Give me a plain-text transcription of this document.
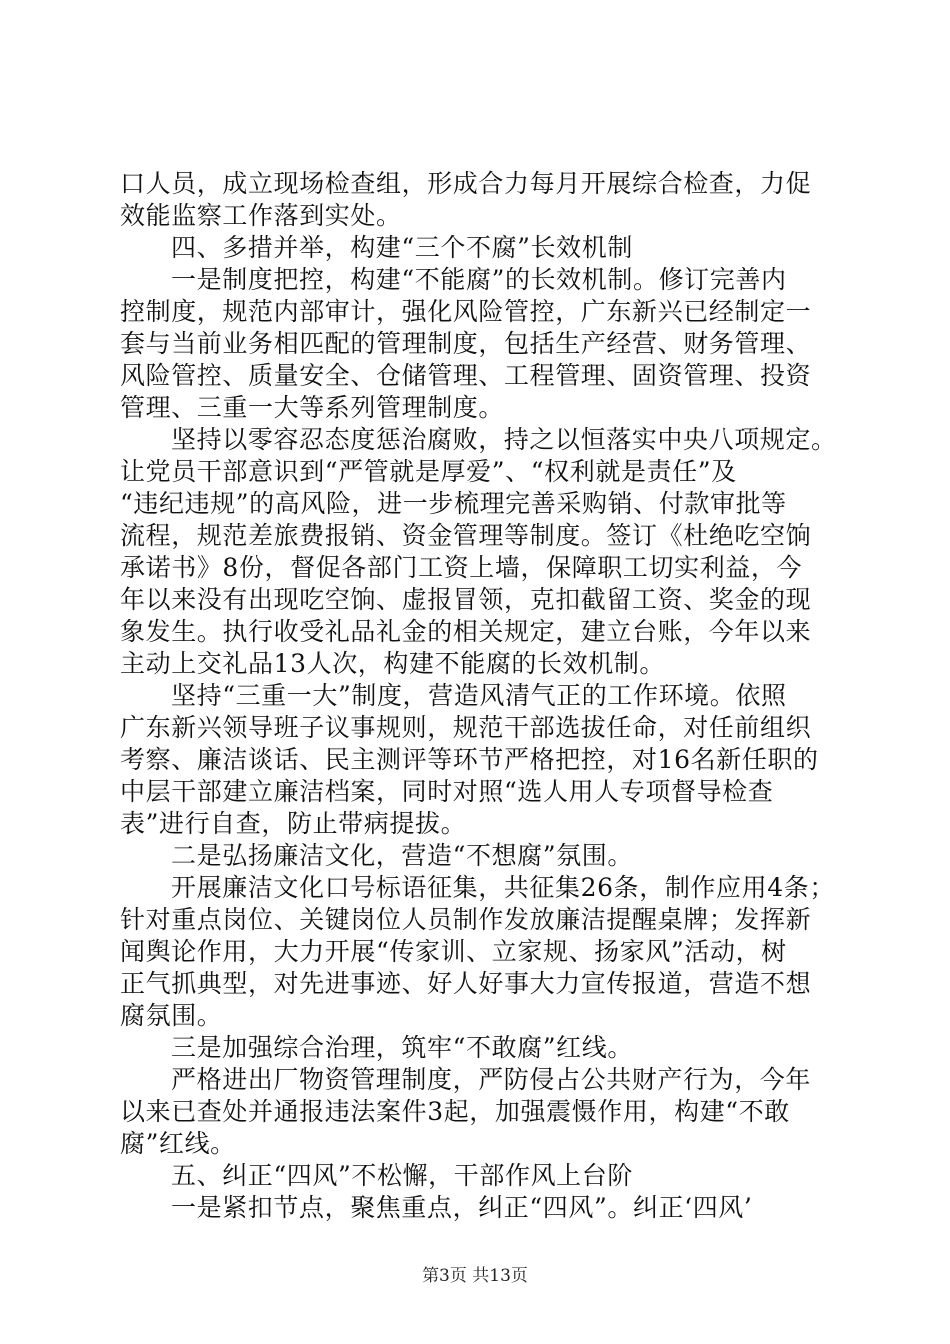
口人员，成立现场检查组，形成合力每月开展综合检查，力促
效能监察工作落到实处。
四、多措并举，构建“三个不腐”长效机制
一是制度把控，构建“不能腐”的长效机制。修订完善内
控制度，规范内部审计，强化风险管控，广东新兴已经制定一
套与当前业务相匹配的管理制度，包括生产经营、财务管理、
风险管控、质量安全、仓储管理、工程管理、固资管理、投资
管理、三重一大等系列管理制度。
坚持以零容忍态度惩治腐败，持之以恒落实中央八项规定。
让党员干部意识到“严管就是厚爱”、“权利就是责任”及
“违纪违规”的高风险，进一步梳理完善采购销、付款审批等
流程，规范差旅费报销、资金管理等制度。签订《杜绝吃空饷
承诺书》8份，督促各部门工资上墙，保障职工切实利益，今
年以来没有出现吃空饷、虚报冒领，克扣截留工资、奖金的现
象发生。执行收受礼品礼金的相关规定，建立台账，今年以来
主动上交礼品13人次，构建不能腐的长效机制。
坚持“三重一大”制度，营造风清气正的工作环境。依照
广东新兴领导班子议事规则，规范干部选拔任命，对任前组织
考察、廉洁谈话、民主测评等环节严格把控，对16名新任职的
中层干部建立廉洁档案，同时对照“选人用人专项督导检查
表”进行自查，防止带病提拔。
二是弘扬廉洁文化，营造“不想腐”氛围。
开展廉洁文化口号标语征集，共征集26条，制作应用4条；
针对重点岗位、关键岗位人员制作发放廉洁提醒桌牌；发挥新
闻舆论作用，大力开展“传家训、立家规、扬家风”活动，树
正气抓典型，对先进事迹、好人好事大力宣传报道，营造不想
腐氛围。
三是加强综合治理，筑牢“不敢腐”红线。
严格进出厂物资管理制度，严防侵占公共财产行为，今年
以来已查处并通报违法案件3起，加强震慑作用，构建“不敢
腐”红线。
五、纠正“四风”不松懈，干部作风上台阶
一是紧扣节点，聚焦重点，纠正“四风”。纠正‘四风’
第3页 共13页
